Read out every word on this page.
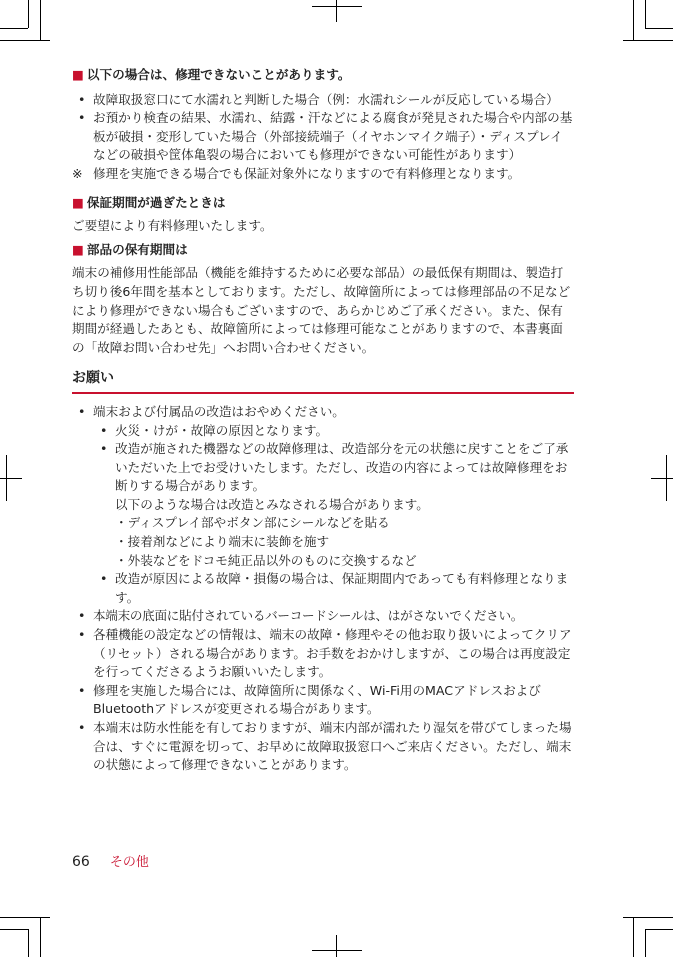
■ 以下の場合は、修理できないことがあります。
• 故障取扱窓口にて水濡れと判断した場合（例：水濡れシールが反応している場合）
• お預かり検査の結果、水濡れ、結露・汗などによる腐食が発見された場合や内部の基板が破損・変形していた場合（外部接続端子（イヤホンマイク端子）・ディスプレイなどの破損や筐体亀裂の場合においても修理ができない可能性があります）
※ 修理を実施できる場合でも保証対象外になりますので有料修理となります。
■ 保証期間が過ぎたときは

ご要望により有料修理いたします。

■ 部品の保有期間は

端末の補修用性能部品（機能を維持するために必要な部品）の最低保有期間は、製造打ち切り後6年間を基本としております。ただし、故障箇所によっては修理部品の不足などにより修理ができない場合もございますので、あらかじめご了承ください。また、保有期間が経過したあとも、故障箇所によっては修理可能なことがありますので、本書裏面の「故障お問い合わせ先」へお問い合わせください。

お願い
• 端末および付属品の改造はおやめください。
• 火災・けが・故障の原因となります。
• 改造が施された機器などの故障修理は、改造部分を元の状態に戻すことをご了承いただいた上でお受けいたします。ただし、改造の内容によっては故障修理をお断りする場合があります。
以下のような場合は改造とみなされる場合があります。
・ディスプレイ部やボタン部にシールなどを貼る
・接着剤などにより端末に装飾を施す
・外装などをドコモ純正品以外のものに交換するなど
• 改造が原因による故障・損傷の場合は、保証期間内であっても有料修理となります。
• 本端末の底面に貼付されているバーコードシールは、はがさないでください。
• 各種機能の設定などの情報は、端末の故障・修理やその他お取り扱いによってクリア（リセット）される場合があります。お手数をおかけしますが、この場合は再度設定を行ってくださるようお願いいたします。
• 修理を実施した場合には、故障箇所に関係なく、Wi-Fi用のMACアドレスおよびBluetoothアドレスが変更される場合があります。
• 本端末は防水性能を有しておりますが、端末内部が濡れたり湿気を帯びてしまった場合は、すぐに電源を切って、お早めに故障取扱窓口へご来店ください。ただし、端末の状態によって修理できないことがあります。
66 その他
